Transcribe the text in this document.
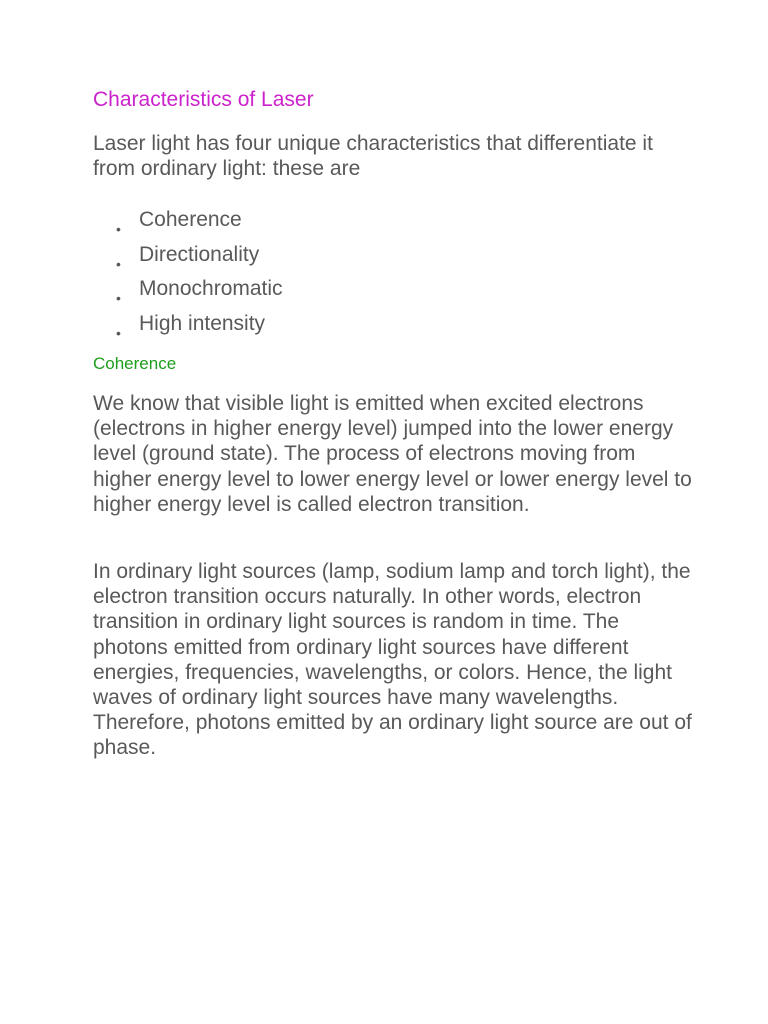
Characteristics of Laser

Laser light has four unique characteristics that differentiate it from ordinary light: these are

• Coherence
• Directionality
• Monochromatic
• High intensity
Coherence

We know that visible light is emitted when excited electrons (electrons in higher energy level) jumped into the lower energy level (ground state). The process of electrons moving from higher energy level to lower energy level or lower energy level to higher energy level is called electron transition.

In ordinary light sources (lamp, sodium lamp and torch light), the electron transition occurs naturally. In other words, electron transition in ordinary light sources is random in time. The photons emitted from ordinary light sources have different energies, frequencies, wavelengths, or colors. Hence, the light waves of ordinary light sources have many wavelengths. Therefore, photons emitted by an ordinary light source are out of phase.
